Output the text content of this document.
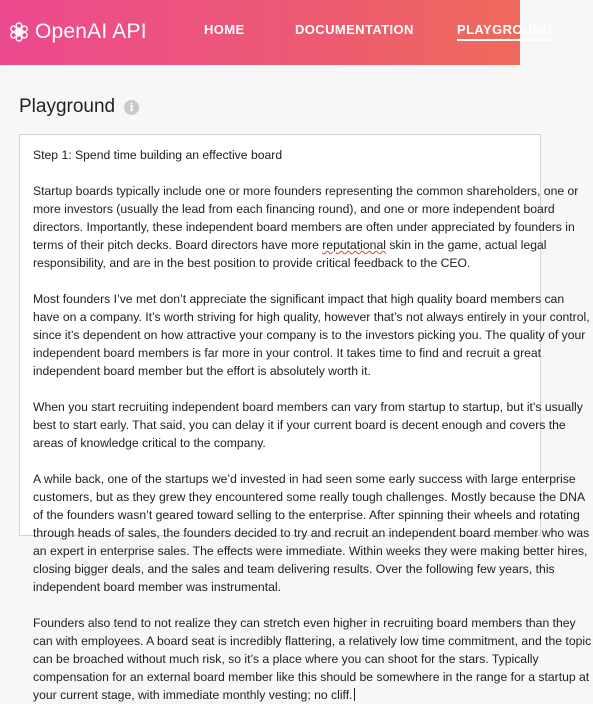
OpenAI API	HOME	DOCUMENTATION	PLAYGROUND
Playground	i
Step 1: Spend time building an effective board

Startup boards typically include one or more founders representing the common shareholders, one or more investors (usually the lead from each financing round), and one or more independent board directors. Importantly, these independent board members are often under appreciated by founders in terms of their pitch decks. Board directors have more reputational skin in the game, actual legal responsibility, and are in the best position to provide critical feedback to the CEO.

Most founders I’ve met don’t appreciate the significant impact that high quality board members can have on a company. It’s worth striving for high quality, however that’s not always entirely in your control, since it’s dependent on how attractive your company is to the investors picking you. The quality of your independent board members is far more in your control. It takes time to find and recruit a great independent board member but the effort is absolutely worth it.

When you start recruiting independent board members can vary from startup to startup, but it’s usually best to start early. That said, you can delay it if your current board is decent enough and covers the areas of knowledge critical to the company.

A while back, one of the startups we’d invested in had seen some early success with large enterprise customers, but as they grew they encountered some really tough challenges. Mostly because the DNA of the founders wasn’t geared toward selling to the enterprise. After spinning their wheels and rotating through heads of sales, the founders decided to try and recruit an independent board member who was an expert in enterprise sales. The effects were immediate. Within weeks they were making better hires, closing bigger deals, and the sales and team delivering results. Over the following few years, this independent board member was instrumental.

Founders also tend to not realize they can stretch even higher in recruiting board members than they can with employees. A board seat is incredibly flattering, a relatively low time commitment, and the topic can be broached without much risk, so it’s a place where you can shoot for the stars. Typically compensation for an external board member like this should be somewhere in the range for a startup at your current stage, with immediate monthly vesting; no cliff.
